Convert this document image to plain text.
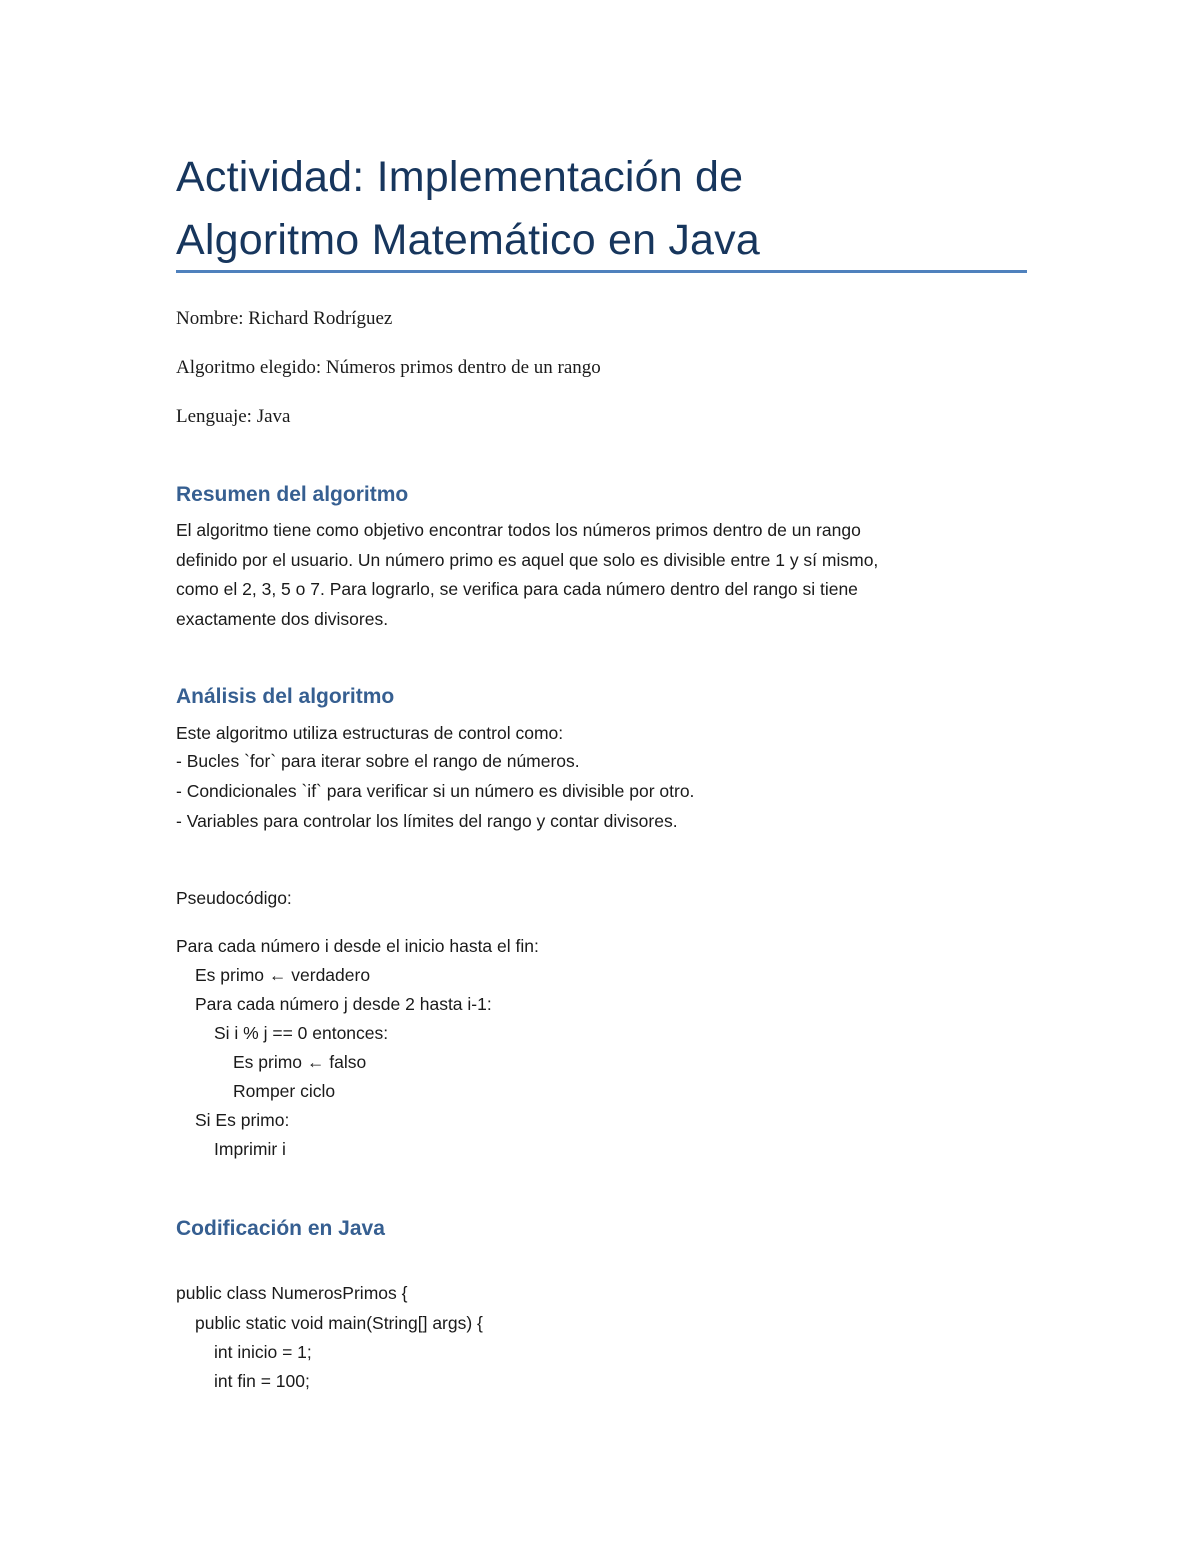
Actividad: Implementación de
Algoritmo Matemático en Java

Nombre: Richard Rodríguez

Algoritmo elegido: Números primos dentro de un rango

Lenguaje: Java

Resumen del algoritmo
El algoritmo tiene como objetivo encontrar todos los números primos dentro de un rango
definido por el usuario. Un número primo es aquel que solo es divisible entre 1 y sí mismo,
como el 2, 3, 5 o 7. Para lograrlo, se verifica para cada número dentro del rango si tiene
exactamente dos divisores.
Análisis del algoritmo

Este algoritmo utiliza estructuras de control como:

- Bucles `for` para iterar sobre el rango de números.

- Condicionales `if` para verificar si un número es divisible por otro.

- Variables para controlar los límites del rango y contar divisores.

Pseudocódigo:

Para cada número i desde el inicio hasta el fin:

Es primo ← verdadero

Para cada número j desde 2 hasta i-1:

Si i % j == 0 entonces:

Es primo ← falso

Romper ciclo

Si Es primo:

Imprimir i

Codificación en Java

public class NumerosPrimos {

public static void main(String[] args) {

int inicio = 1;

int fin = 100;
